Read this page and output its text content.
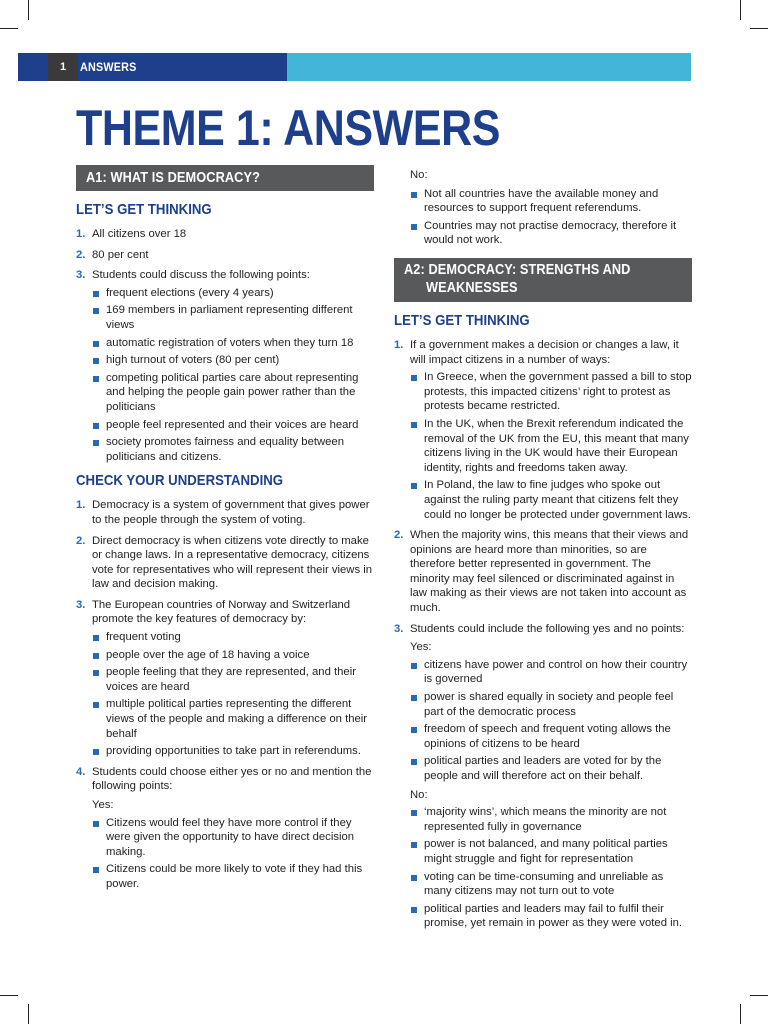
1	ANSWERS
THEME 1: ANSWERS
A1: WHAT IS DEMOCRACY?
LET’S GET THINKING
1. All citizens over 18
2. 80 per cent
3. Students could discuss the following points:
frequent elections (every 4 years)
169 members in parliament representing different views
automatic registration of voters when they turn 18
high turnout of voters (80 per cent)
competing political parties care about representing and helping the people gain power rather than the politicians
people feel represented and their voices are heard
society promotes fairness and equality between politicians and citizens.
CHECK YOUR UNDERSTANDING
1. Democracy is a system of government that gives power to the people through the system of voting.
2. Direct democracy is when citizens vote directly to make or change laws. In a representative democracy, citizens vote for representatives who will represent their views in law and decision making.
3. The European countries of Norway and Switzerland promote the key features of democracy by:
frequent voting
people over the age of 18 having a voice
people feeling that they are represented, and their voices are heard
multiple political parties representing the different views of the people and making a difference on their behalf
providing opportunities to take part in referendums.
4. Students could choose either yes or no and mention the following points:
Yes:
Citizens would feel they have more control if they were given the opportunity to have direct decision making.
Citizens could be more likely to vote if they had this power.
No:
Not all countries have the available money and resources to support frequent referendums.
Countries may not practise democracy, therefore it would not work.
A2: DEMOCRACY: STRENGTHS AND
WEAKNESSES
LET’S GET THINKING
1. If a government makes a decision or changes a law, it will impact citizens in a number of ways:
In Greece, when the government passed a bill to stop protests, this impacted citizens’ right to protest as protests became restricted.
In the UK, when the Brexit referendum indicated the removal of the UK from the EU, this meant that many citizens living in the UK would have their European identity, rights and freedoms taken away.
In Poland, the law to fine judges who spoke out against the ruling party meant that citizens felt they could no longer be protected under government laws.
2. When the majority wins, this means that their views and opinions are heard more than minorities, so are therefore better represented in government. The minority may feel silenced or discriminated against in law making as their views are not taken into account as much.
3. Students could include the following yes and no points:
Yes:
citizens have power and control on how their country is governed
power is shared equally in society and people feel part of the democratic process
freedom of speech and frequent voting allows the opinions of citizens to be heard
political parties and leaders are voted for by the people and will therefore act on their behalf.
No:
‘majority wins’, which means the minority are not represented fully in governance
power is not balanced, and many political parties might struggle and fight for representation
voting can be time-consuming and unreliable as many citizens may not turn out to vote
political parties and leaders may fail to fulfil their promise, yet remain in power as they were voted in.
